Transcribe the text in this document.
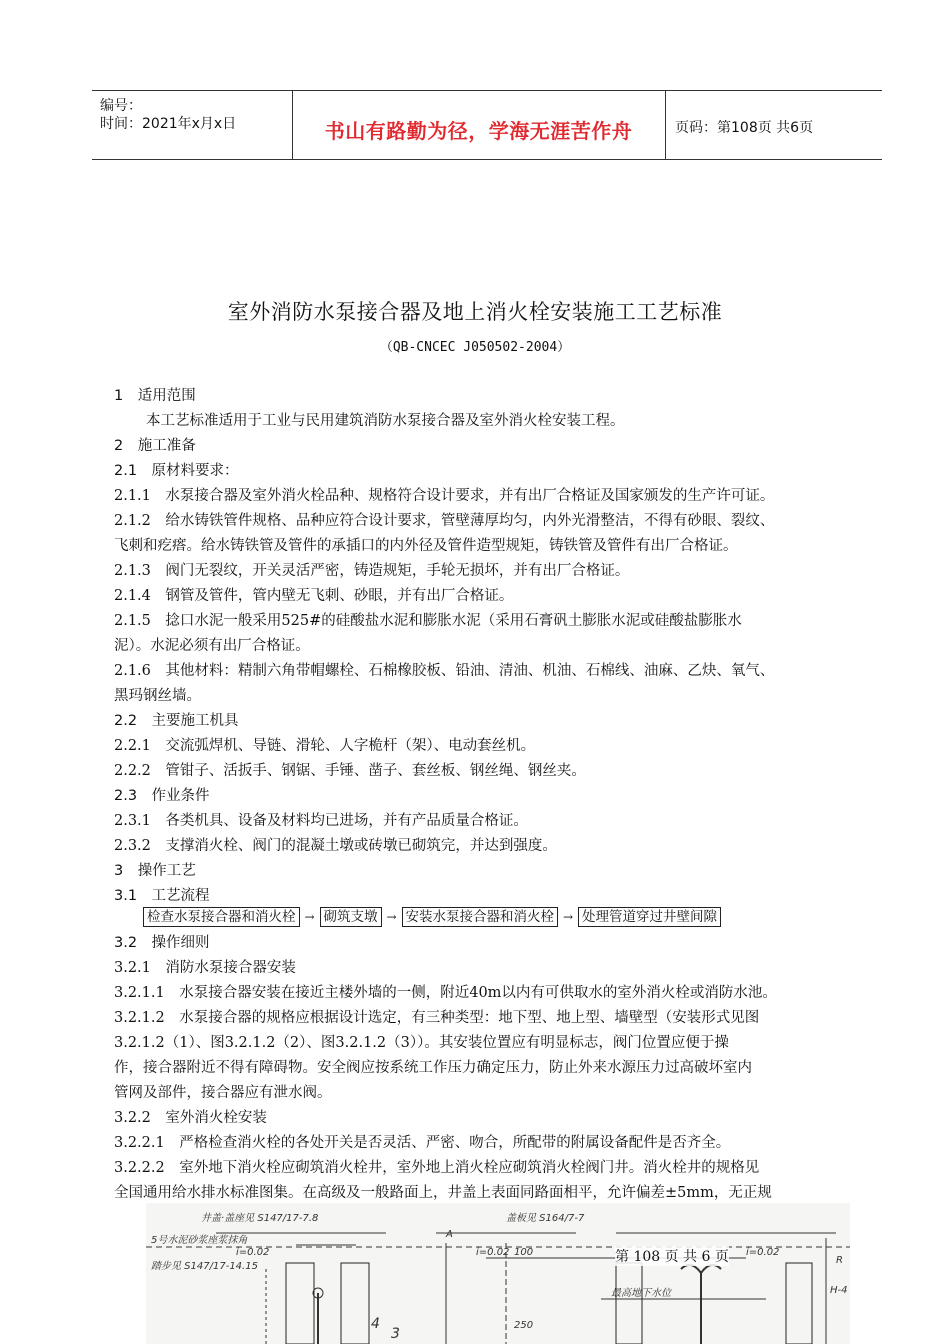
编号：
时间：2021年x月x日	书山有路勤为径，学海无涯苦作舟	页码：第108页 共6页
室外消防水泵接合器及地上消火栓安装施工工艺标准
（QB-CNCEC J050502-2004）
1　适用范围
本工艺标准适用于工业与民用建筑消防水泵接合器及室外消火栓安装工程。
2　施工准备
2.1　原材料要求：
2.1.1　水泵接合器及室外消火栓品种、规格符合设计要求，并有出厂合格证及国家颁发的生产许可证。
2.1.2　给水铸铁管件规格、品种应符合设计要求，管壁薄厚均匀，内外光滑整洁，不得有砂眼、裂纹、
飞刺和疙瘩。给水铸铁管及管件的承插口的内外径及管件造型规矩，铸铁管及管件有出厂合格证。
2.1.3　阀门无裂纹，开关灵活严密，铸造规矩，手轮无损坏，并有出厂合格证。
2.1.4　钢管及管件，管内壁无飞刺、砂眼，并有出厂合格证。
2.1.5　捻口水泥一般采用525#的硅酸盐水泥和膨胀水泥（采用石膏矾土膨胀水泥或硅酸盐膨胀水
泥）。水泥必须有出厂合格证。
2.1.6　其他材料：精制六角带帽螺栓、石棉橡胶板、铅油、清油、机油、石棉线、油麻、乙炔、氧气、
黑玛钢丝墙。
2.2　主要施工机具
2.2.1　交流弧焊机、导链、滑轮、人字桅杆（架）、电动套丝机。
2.2.2　管钳子、活扳手、钢锯、手锤、凿子、套丝板、钢丝绳、钢丝夹。
2.3　作业条件
2.3.1　各类机具、设备及材料均已进场，并有产品质量合格证。
2.3.2　支撑消火栓、阀门的混凝土墩或砖墩已砌筑完，并达到强度。
3　操作工艺
3.1　工艺流程
检查水泵接合器和消火栓 → 砌筑支墩 → 安装水泵接合器和消火栓 → 处理管道穿过井壁间隙
3.2　操作细则
3.2.1　消防水泵接合器安装
3.2.1.1　水泵接合器安装在接近主楼外墙的一侧，附近40m以内有可供取水的室外消火栓或消防水池。
3.2.1.2　水泵接合器的规格应根据设计选定，有三种类型：地下型、地上型、墙壁型（安装形式见图
3.2.1.2（1）、图3.2.1.2（2）、图3.2.1.2（3））。其安装位置应有明显标志，阀门位置应便于操
作，接合器附近不得有障碍物。安全阀应按系统工作压力确定压力，防止外来水源压力过高破坏室内
管网及部件，接合器应有泄水阀。
3.2.2　室外消火栓安装
3.2.2.1　严格检查消火栓的各处开关是否灵活、严密、吻合，所配带的附属设备配件是否齐全。
3.2.2.2　室外地下消火栓应砌筑消火栓井，室外地上消火栓应砌筑消火栓阀门井。消火栓井的规格见
全国通用给水排水标准图集。在高级及一般路面上，井盖上表面同路面相平，允许偏差±5mm，无正规
井盖·盖座见 S147/17-7.8	盖板见 S164/7-7
5号水泥砂浆座浆抹角
踏步见 S147/17-14.15
最高地下水位
i=0.02	i=0.02	i=0.02
A
4
3
100
250
H-4
R
第 108 页 共 6 页
